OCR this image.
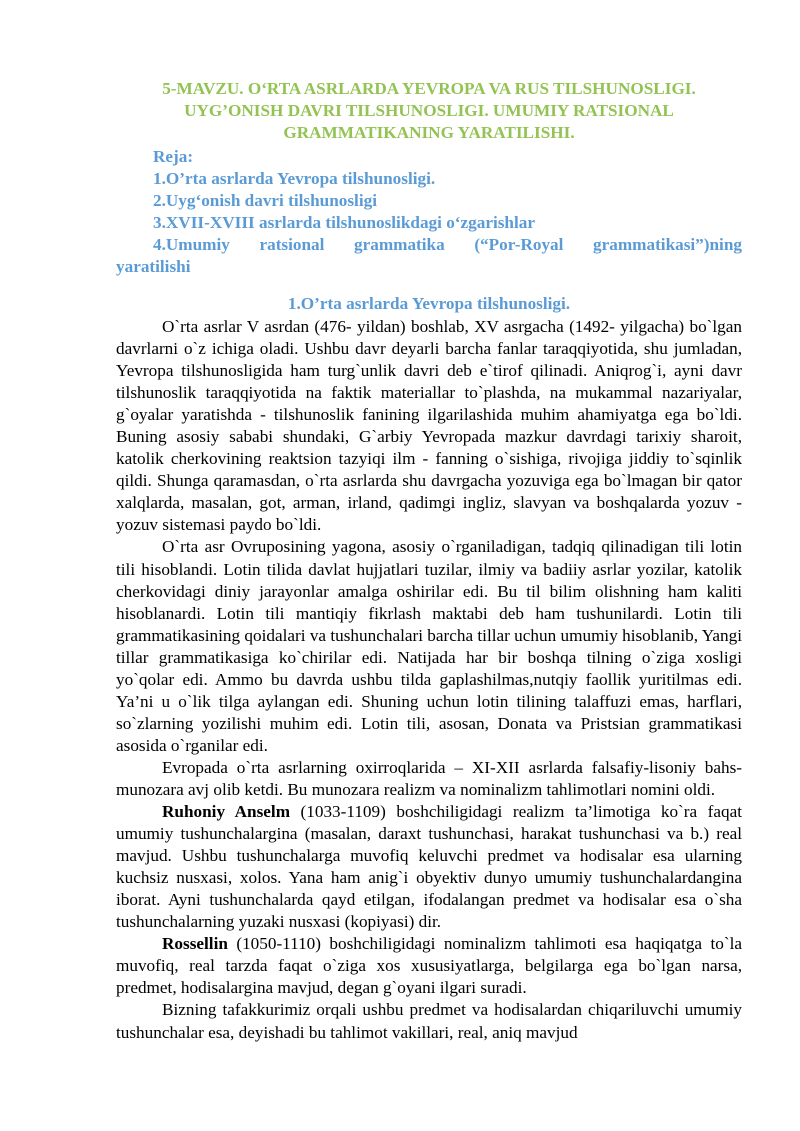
5-MAVZU. O‘RTA ASRLARDA YEVROPA VA RUS TILSHUNOSLIGI.
UYG’ONISH DAVRI TILSHUNOSLIGI. UMUMIY RATSIONAL
GRAMMATIKANING YARATILISHI.
Reja:
1.O’rta asrlarda Yevropa tilshunosligi.
2.Uyg‘onish davri tilshunosligi
3.XVII-XVIII asrlarda tilshunoslikdagi o‘zgarishlar
4.Umumiy ratsional grammatika (“Por-Royal grammatikasi”)ning
yaratilishi
1.O’rta asrlarda Yevropa tilshunosligi.

O`rta asrlar V asrdan (476- yildan) boshlab, XV asrgacha (1492- yilgacha) bo`lgan davrlarni o`z ichiga oladi. Ushbu davr deyarli barcha fanlar taraqqiyotida, shu jumladan, Yevropa tilshunosligida ham turg`unlik davri deb e`tirof qilinadi. Aniqrog`i, ayni davr tilshunoslik taraqqiyotida na faktik materiallar to`plashda, na mukammal nazariyalar, g`oyalar yaratishda - tilshunoslik fanining ilgarilashida muhim ahamiyatga ega bo`ldi. Buning asosiy sababi shundaki, G`arbiy Yevropada mazkur davrdagi tarixiy sharoit, katolik cherkovining reaktsion tazyiqi ilm - fanning o`sishiga, rivojiga jiddiy to`sqinlik qildi. Shunga qaramasdan, o`rta asrlarda shu davrgacha yozuviga ega bo`lmagan bir qator xalqlarda, masalan, got, arman, irland, qadimgi ingliz, slavyan va boshqalarda yozuv - yozuv sistemasi paydo bo`ldi.

O`rta asr Ovruposining yagona, asosiy o`rganiladigan, tadqiq qilinadigan tili lotin tili hisoblandi. Lotin tilida davlat hujjatlari tuzilar, ilmiy va badiiy asrlar yozilar, katolik cherkovidagi diniy jarayonlar amalga oshirilar edi. Bu til bilim olishning ham kaliti hisoblanardi. Lotin tili mantiqiy fikrlash maktabi deb ham tushunilardi. Lotin tili grammatikasining qoidalari va tushunchalari barcha tillar uchun umumiy hisoblanib, Yangi tillar grammatikasiga ko`chirilar edi. Natijada har bir boshqa tilning o`ziga xosligi yo`qolar edi. Ammo bu davrda ushbu tilda gaplashilmas,nutqiy faollik yuritilmas edi. Ya’ni u o`lik tilga aylangan edi. Shuning uchun lotin tilining talaffuzi emas, harflari, so`zlarning yozilishi muhim edi. Lotin tili, asosan, Donata va Pristsian grammatikasi asosida o`rganilar edi.

Evropada o`rta asrlarning oxirroqlarida – XI-XII asrlarda falsafiy-lisoniy bahs-munozara avj olib ketdi. Bu munozara realizm va nominalizm tahlimotlari nomini oldi.

Ruhoniy Anselm (1033-1109) boshchiligidagi realizm ta’limotiga ko`ra faqat umumiy tushunchalargina (masalan, daraxt tushunchasi, harakat tushunchasi va b.) real mavjud. Ushbu tushunchalarga muvofiq keluvchi predmet va hodisalar esa ularning kuchsiz nusxasi, xolos. Yana ham anig`i obyektiv dunyo umumiy tushunchalardangina iborat. Ayni tushunchalarda qayd etilgan, ifodalangan predmet va hodisalar esa o`sha tushunchalarning yuzaki nusxasi (kopiyasi) dir.

Rossellin (1050-1110) boshchiligidagi nominalizm tahlimoti esa haqiqatga to`la muvofiq, real tarzda faqat o`ziga xos xususiyatlarga, belgilarga ega bo`lgan narsa, predmet, hodisalargina mavjud, degan g`oyani ilgari suradi.

Bizning tafakkurimiz orqali ushbu predmet va hodisalardan chiqariluvchi umumiy tushunchalar esa, deyishadi bu tahlimot vakillari, real, aniq mavjud
